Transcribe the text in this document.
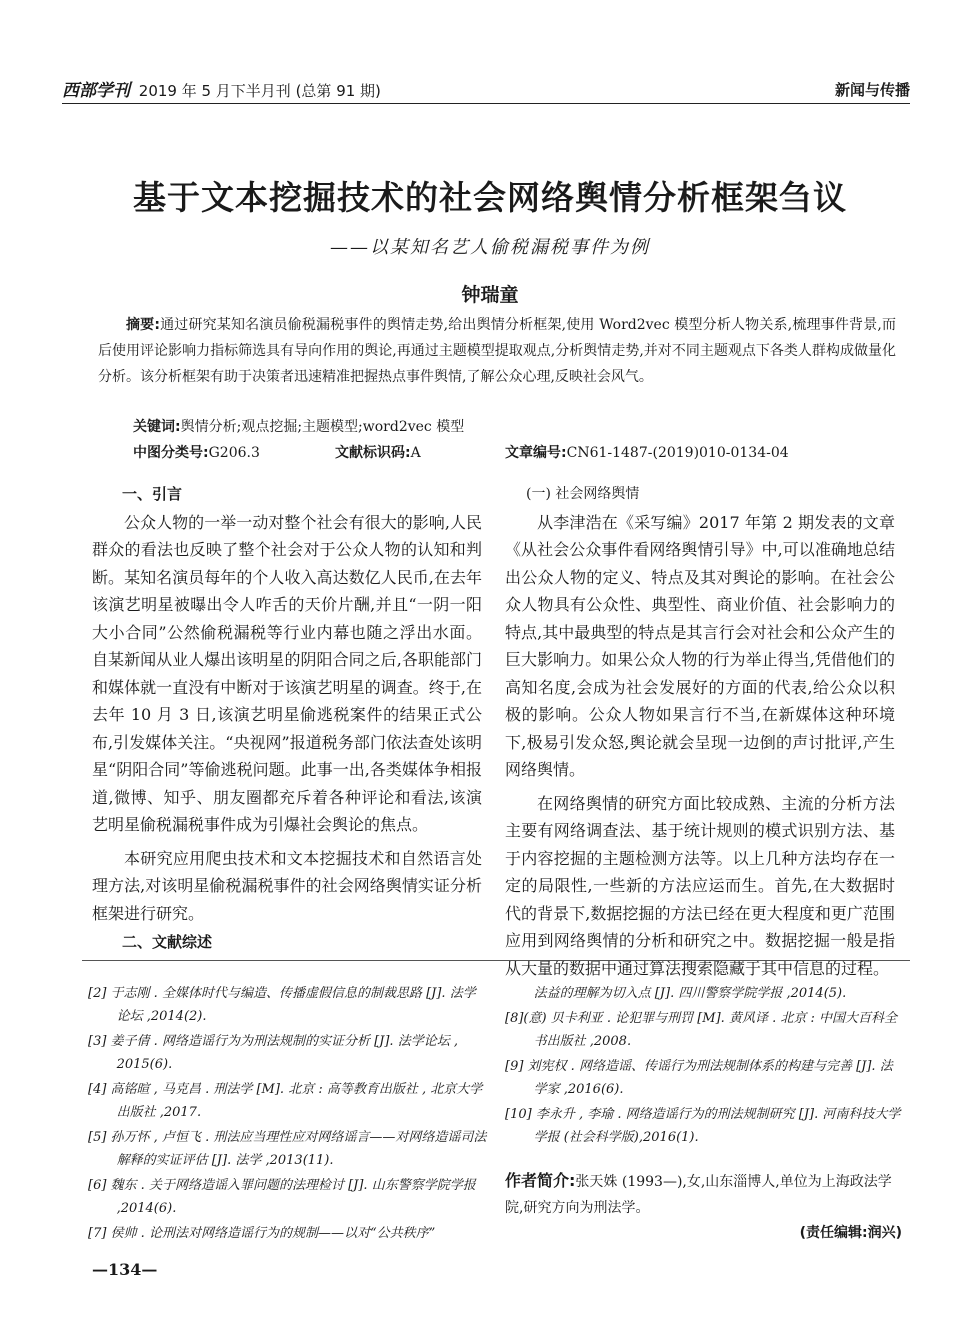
西部学刊 2019 年 5 月下半月刊 (总第 91 期)	新闻与传播
基于文本挖掘技术的社会网络舆情分析框架刍议
——以某知名艺人偷税漏税事件为例
钟瑞童
摘要:通过研究某知名演员偷税漏税事件的舆情走势,给出舆情分析框架,使用 Word2vec 模型分析人物关系,梳理事件背景,而后使用评论影响力指标筛选具有导向作用的舆论,再通过主题模型提取观点,分析舆情走势,并对不同主题观点下各类人群构成做量化分析。该分析框架有助于决策者迅速精准把握热点事件舆情,了解公众心理,反映社会风气。
关键词:舆情分析;观点挖掘;主题模型;word2vec 模型
中图分类号:G206.3	文献标识码:A	文章编号:CN61-1487-(2019)010-0134-04
一、引言

公众人物的一举一动对整个社会有很大的影响,人民群众的看法也反映了整个社会对于公众人物的认知和判断。某知名演员每年的个人收入高达数亿人民币,在去年该演艺明星被曝出令人咋舌的天价片酬,并且“一阴一阳大小合同”公然偷税漏税等行业内幕也随之浮出水面。自某新闻从业人爆出该明星的阴阳合同之后,各职能部门和媒体就一直没有中断对于该演艺明星的调查。终于,在去年 10 月 3 日,该演艺明星偷逃税案件的结果正式公布,引发媒体关注。“央视网”报道税务部门依法查处该明星“阴阳合同”等偷逃税问题。此事一出,各类媒体争相报道,微博、知乎、朋友圈都充斥着各种评论和看法,该演艺明星偷税漏税事件成为引爆社会舆论的焦点。

本研究应用爬虫技术和文本挖掘技术和自然语言处理方法,对该明星偷税漏税事件的社会网络舆情实证分析框架进行研究。

二、文献综述
(一) 社会网络舆情

从李津浩在《采写编》2017 年第 2 期发表的文章《从社会公众事件看网络舆情引导》中,可以准确地总结出公众人物的定义、特点及其对舆论的影响。在社会公众人物具有公众性、典型性、商业价值、社会影响力的特点,其中最典型的特点是其言行会对社会和公众产生的巨大影响力。如果公众人物的行为举止得当,凭借他们的高知名度,会成为社会发展好的方面的代表,给公众以积极的影响。公众人物如果言行不当,在新媒体这种环境下,极易引发众怒,舆论就会呈现一边倒的声讨批评,产生网络舆情。

在网络舆情的研究方面比较成熟、主流的分析方法主要有网络调查法、基于统计规则的模式识别方法、基于内容挖掘的主题检测方法等。以上几种方法均存在一定的局限性,一些新的方法应运而生。首先,在大数据时代的背景下,数据挖掘的方法已经在更大程度和更广范围应用到网络舆情的分析和研究之中。数据挖掘一般是指从大量的数据中通过算法搜索隐藏于其中信息的过程。

[2] 于志刚 . 全媒体时代与编造、传播虚假信息的制裁思路 [J]. 法学论坛 ,2014(2).
[3] 姜子倩 . 网络造谣行为为刑法规制的实证分析 [J]. 法学论坛 , 2015(6).
[4] 高铭暄 , 马克昌 . 刑法学 [M]. 北京 : 高等教育出版社 , 北京大学出版社 ,2017.
[5] 孙万怀 , 卢恒飞 . 刑法应当理性应对网络谣言——对网络造谣司法解释的实证评估 [J]. 法学 ,2013(11).
[6] 魏东 . 关于网络造谣入罪问题的法理检讨 [J]. 山东警察学院学报 ,2014(6).
[7] 侯帅 . 论刑法对网络造谣行为的规制——以对“公共秩序”
法益的理解为切入点 [J]. 四川警察学院学报 ,2014(5).
[8](意) 贝卡利亚 . 论犯罪与刑罚 [M]. 黄风译 . 北京 : 中国大百科全书出版社 ,2008.
[9] 刘宪权 . 网络造谣、传谣行为刑法规制体系的构建与完善 [J]. 法学家 ,2016(6).
[10] 李永升 , 李瑜 . 网络造谣行为的刑法规制研究 [J]. 河南科技大学学报 (社会科学版),2016(1).
作者简介:张天姝 (1993—),女,山东淄博人,单位为上海政法学院,研究方向为刑法学。
(责任编辑:润兴)
—134—
